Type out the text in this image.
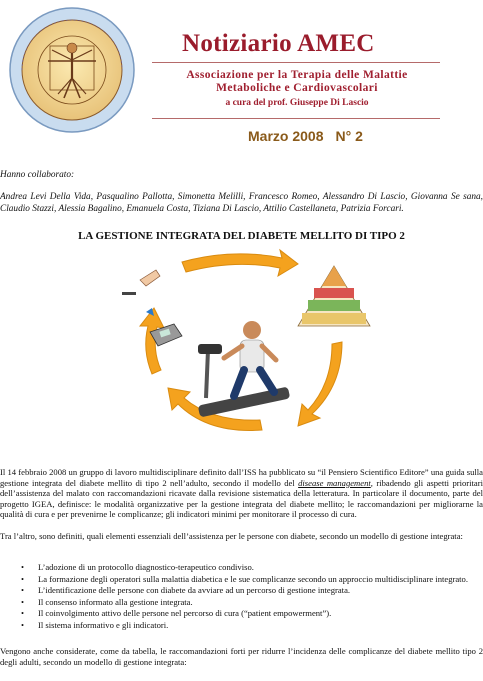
Notiziario AMEC
Associazione per la Terapia delle Malattie
Metaboliche e Cardiovascolari
a cura del prof. Giuseppe Di Lascio
Marzo 2008 N° 2
Hanno collaborato:
Andrea Levi Della Vida, Pasqualino Pallotta, Simonetta Melilli, Francesco Romeo, Alessandro Di Lascio, Giovanna Se sana, Claudio Stazzi, Alessia Bagalino, Emanuela Costa, Tiziana Di Lascio, Attilio Castellaneta, Patrizia Forcari.
LA GESTIONE INTEGRATA DEL DIABETE MELLITO DI TIPO 2

Il 14 febbraio 2008 un gruppo di lavoro multidisciplinare definito dall’ISS ha pubblicato su “il Pensiero Scientifico Editore” una guida sulla gestione integrata del diabete mellito di tipo 2 nell’adulto, secondo il modello del disease management, ribadendo gli aspetti prioritari dell’assistenza del malato con raccomandazioni ricavate dalla revisione sistematica della letteratura. In particolare il documento, parte del progetto IGEA, definisce: le modalità organizzative per la gestione integrata del diabete mellito; le raccomandazioni per migliorarne la qualità di cura e per prevenirne le complicanze; gli indicatori minimi per monitorare il processo di cura.

Tra l’altro, sono definiti, quali elementi essenziali dell’assistenza per le persone con diabete, secondo un modello di gestione integrata:

• L’adozione di un protocollo diagnostico-terapeutico condiviso.
• La formazione degli operatori sulla malattia diabetica e le sue complicanze secondo un approccio multidisciplinare integrato.
• L’identificazione delle persone con diabete da avviare ad un percorso di gestione integrata.
• Il consenso informato alla gestione integrata.
• Il coinvolgimento attivo delle persone nel percorso di cura (“patient empowerment”).
• Il sistema informativo e gli indicatori.

Vengono anche considerate, come da tabella, le raccomandazioni forti per ridurre l’incidenza delle complicanze del diabete mellito tipo 2 degli adulti, secondo un modello di gestione integrata:
